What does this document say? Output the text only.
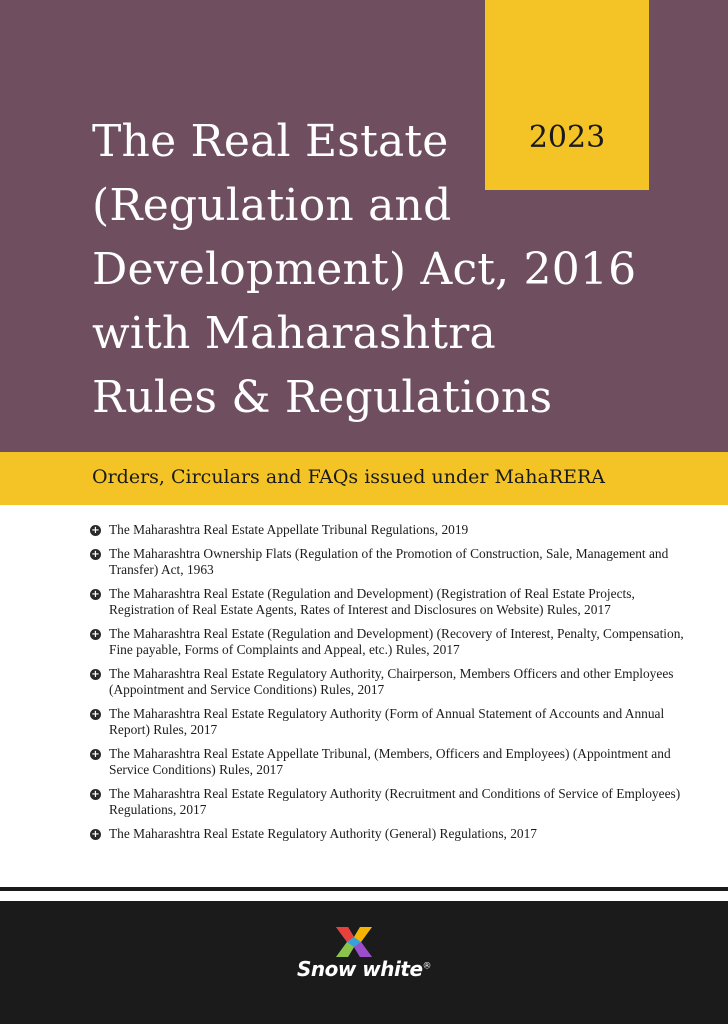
2023
The Real Estate
(Regulation and
Development) Act, 2016
with Maharashtra
Rules & Regulations
Orders, Circulars and FAQs issued under MahaRERA
+ The Maharashtra Real Estate Appellate Tribunal Regulations, 2019
+ The Maharashtra Ownership Flats (Regulation of the Promotion of Construction, Sale, Management and Transfer) Act, 1963
+ The Maharashtra Real Estate (Regulation and Development) (Registration of Real Estate Projects, Registration of Real Estate Agents, Rates of Interest and Disclosures on Website) Rules, 2017
+ The Maharashtra Real Estate (Regulation and Development) (Recovery of Interest, Penalty, Compensation, Fine payable, Forms of Complaints and Appeal, etc.) Rules, 2017
+ The Maharashtra Real Estate Regulatory Authority, Chairperson, Members Officers and other Employees (Appointment and Service Conditions) Rules, 2017
+ The Maharashtra Real Estate Regulatory Authority (Form of Annual Statement of Accounts and Annual Report) Rules, 2017
+ The Maharashtra Real Estate Appellate Tribunal, (Members, Officers and Employees) (Appointment and Service Conditions) Rules, 2017
+ The Maharashtra Real Estate Regulatory Authority (Recruitment and Conditions of Service of Employees) Regulations, 2017
+ The Maharashtra Real Estate Regulatory Authority (General) Regulations, 2017
Snow white®
